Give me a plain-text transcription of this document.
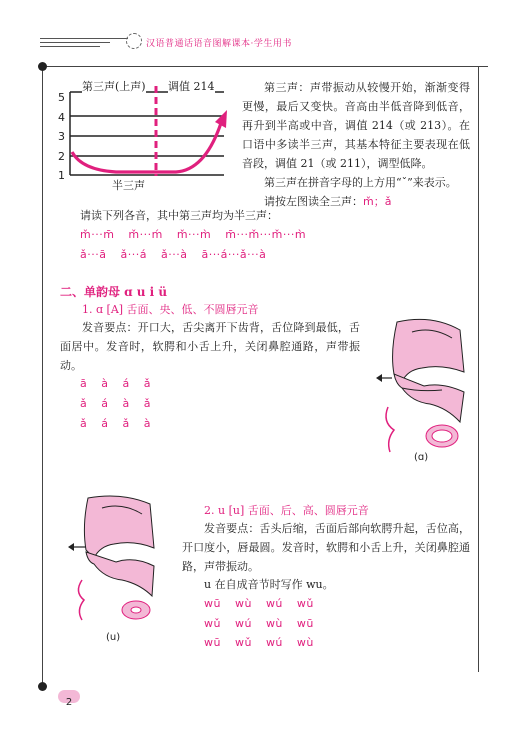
汉语普通话语音图解课本·学生用书
5
4
3
2
1
第三声(上声) 调值 214
半三声
第三声：声带振动从较慢开始，渐渐变得更慢，最后又变快。音高由半低音降到低音，再升到半高或中音，调值 214（或 213）。在口语中多读半三声，其基本特征主要表现在低音段，调值 21（或 211），调型低降。
第三声在拼音字母的上方用“ˇ”来表示。
请按左图读全三声：m̌；ǎ
请读下列各音，其中第三声均为半三声：
m̌···m̄ m̌···ḿ m̌···m̀ m̄···m̌···m̌···m̀
ǎ···ā ǎ···á ǎ···à ā···á···ǎ···à
二、单韵母 ɑ u i ü
1. ɑ [A] 舌面、央、低、不圆唇元音
发音要点：开口大，舌尖离开下齿背，舌位降到最低，舌面居中。发音时，软腭和小舌上升，关闭鼻腔通路，声带振动。
ā à á ǎ
ǎ á à ǎ
ǎ á ǎ à
(ɑ)
(u)
2. u [u] 舌面、后、高、圆唇元音
发音要点：舌头后缩，舌面后部向软腭升起，舌位高，开口度小，唇最圆。发音时，软腭和小舌上升，关闭鼻腔通路，声带振动。
u 在自成音节时写作 wu。
wū wù wú wǔ
wǔ wú wù wū
wū wǔ wú wù
2
